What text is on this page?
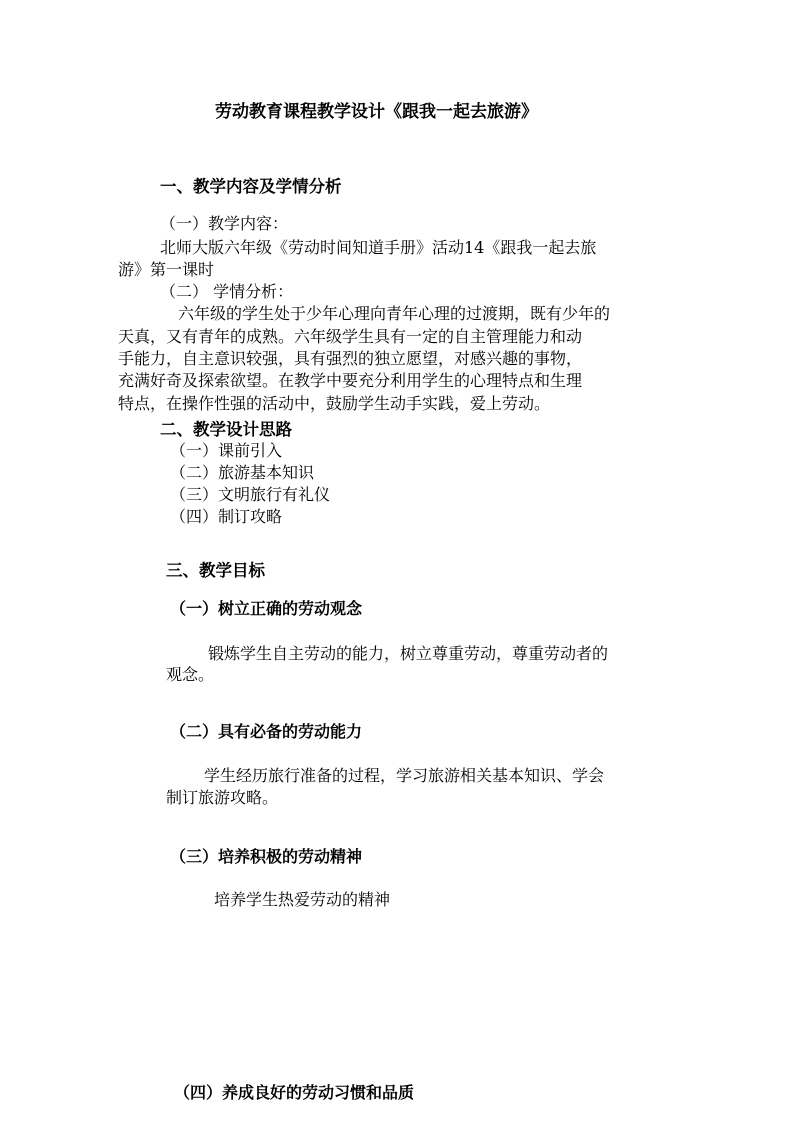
劳动教育课程教学设计《跟我一起去旅游》
一、教学内容及学情分析
（一）教学内容：
北师大版六年级《劳动时间知道手册》活动14《跟我一起去旅
游》第一课时
（二） 学情分析：
六年级的学生处于少年心理向青年心理的过渡期，既有少年的
天真，又有青年的成熟。六年级学生具有一定的自主管理能力和动
手能力，自主意识较强，具有强烈的独立愿望，对感兴趣的事物，
充满好奇及探索欲望。在教学中要充分利用学生的心理特点和生理
特点，在操作性强的活动中，鼓励学生动手实践，爱上劳动。
二、教学设计思路
（一）课前引入
（二）旅游基本知识
（三）文明旅行有礼仪
（四）制订攻略
三、教学目标
（一）树立正确的劳动观念
锻炼学生自主劳动的能力，树立尊重劳动，尊重劳动者的
观念。
（二）具有必备的劳动能力
学生经历旅行准备的过程，学习旅游相关基本知识、学会
制订旅游攻略。
（三）培养积极的劳动精神
培养学生热爱劳动的精神
（四）养成良好的劳动习惯和品质
